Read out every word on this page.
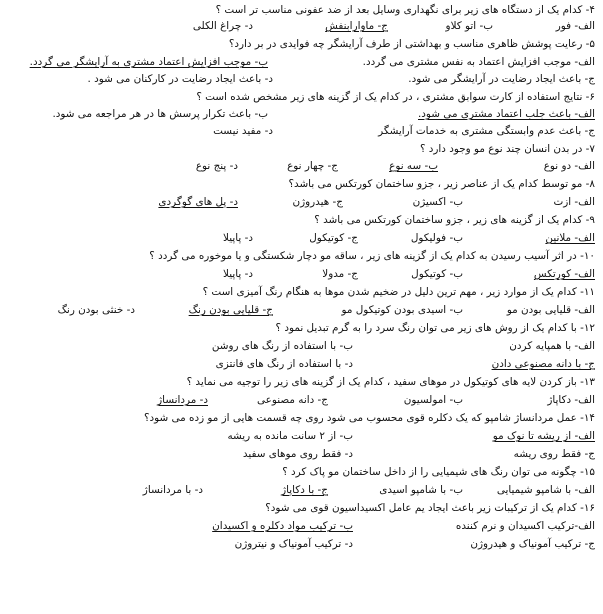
۴- کدام یک از دستگاه های زیر برای نگهداری وسایل بعد از ضد عفونی مناسب تر است ؟
الف- فور
ب- اتو کلاو
ج- ماوارابنفش
د- چراغ الکلی
۵- رعایت پوشش ظاهری مناسب و بهداشتی از طرف آرایشگر چه فوایدی در بر دارد؟
الف- موجب افزایش اعتماد به نفس مشتری می گردد.
ب- موجب افزایش اعتماد مشتری به آرایشگر می گردد.
ج- باعث ایجاد رضایت در آرایشگر می شود.
د- باعث ایجاد رضایت در کارکنان می شود .
۶- نتایج استفاده از کارت سوابق مشتری ، در کدام یک از گزینه های زیر مشخص شده است ؟
الف- باعث جلب اعتماد مشتری می شود.
ب- باعث تکرار پرسش ها در هر مراجعه می شود.
ج- باعث عدم وابستگی مشتری به خدمات آرایشگر
د- مفید نیست
۷- در بدن انسان چند نوع مو وجود دارد ؟
الف- دو نوع
ب- سه نوع
ج- چهار نوع
د- پنج نوع
۸- مو توسط کدام یک از عناصر زیر ، جزو ساختمان کورتکس می باشد؟
الف- ازت
ب- اکسیژن
ج- هیدروژن
د- پل های گوگردی
۹- کدام یک از گزینه های زیر ، جزو ساختمان کورتکس می باشد ؟
الف- ملانین
ب- فولیکول
ج- کوتیکول
د- پاپیلا
۱۰- در اثر آسیب رسیدن به کدام یک از گزینه های زیر ، ساقه مو دچار شکستگی و یا موخوره می گردد ؟
الف- کورتکس
ب- کوتیکول
ج- مدولا
د- پاپیلا
۱۱- کدام یک از موارد زیر ، مهم ترین دلیل در ضخیم شدن موها به هنگام رنگ آمیزی است ؟
الف- قلیایی بودن مو
ب- اسیدی بودن کوتیکول مو
ج- قلیایی بودن رنگ
د- خنثی بودن رنگ
۱۲- با کدام یک از روش های زیر می توان رنگ سرد را به گرم تبدیل نمود ؟
الف- با همپایه کردن
ب- با استفاده از رنگ های روشن
ج- با دانه مصنوعی دادن
د- با استفاده از رنگ های فانتزی
۱۳- باز کردن لایه های کوتیکول در موهای سفید ، کدام یک از گزینه های زیر را توجیه می نماید ؟
الف- دکاپاژ
ب- امولسیون
ج- دانه مصنوعی
د- مردانساژ
۱۴- عمل مردانساژ شامپو که یک دکلره قوی محسوب می شود روی چه قسمت هایی از مو زده می شود؟
الف- از ریشه تا نوک مو
ب- از ۲ سانت مانده به ریشه
ج- فقط روی ریشه
د- فقط روی موهای سفید
۱۵- چگونه می توان رنگ های شیمیایی را از داخل ساختمان مو پاک کرد ؟
الف- با شامپو شیمیایی
ب- با شامپو اسیدی
ج- با دکاپاژ
د- با مردانساژ
۱۶- کدام یک از ترکیبات زیر باعث ایجاد یم عامل اکسیداسیون قوی می شود؟
الف-ترکیب اکسیدان و نرم کننده
ب- ترکیب مواد دکلره و اکسیدان
ج- ترکیب آمونیاک و هیدروژن
د- ترکیب آمونیاک و نیتروژن
